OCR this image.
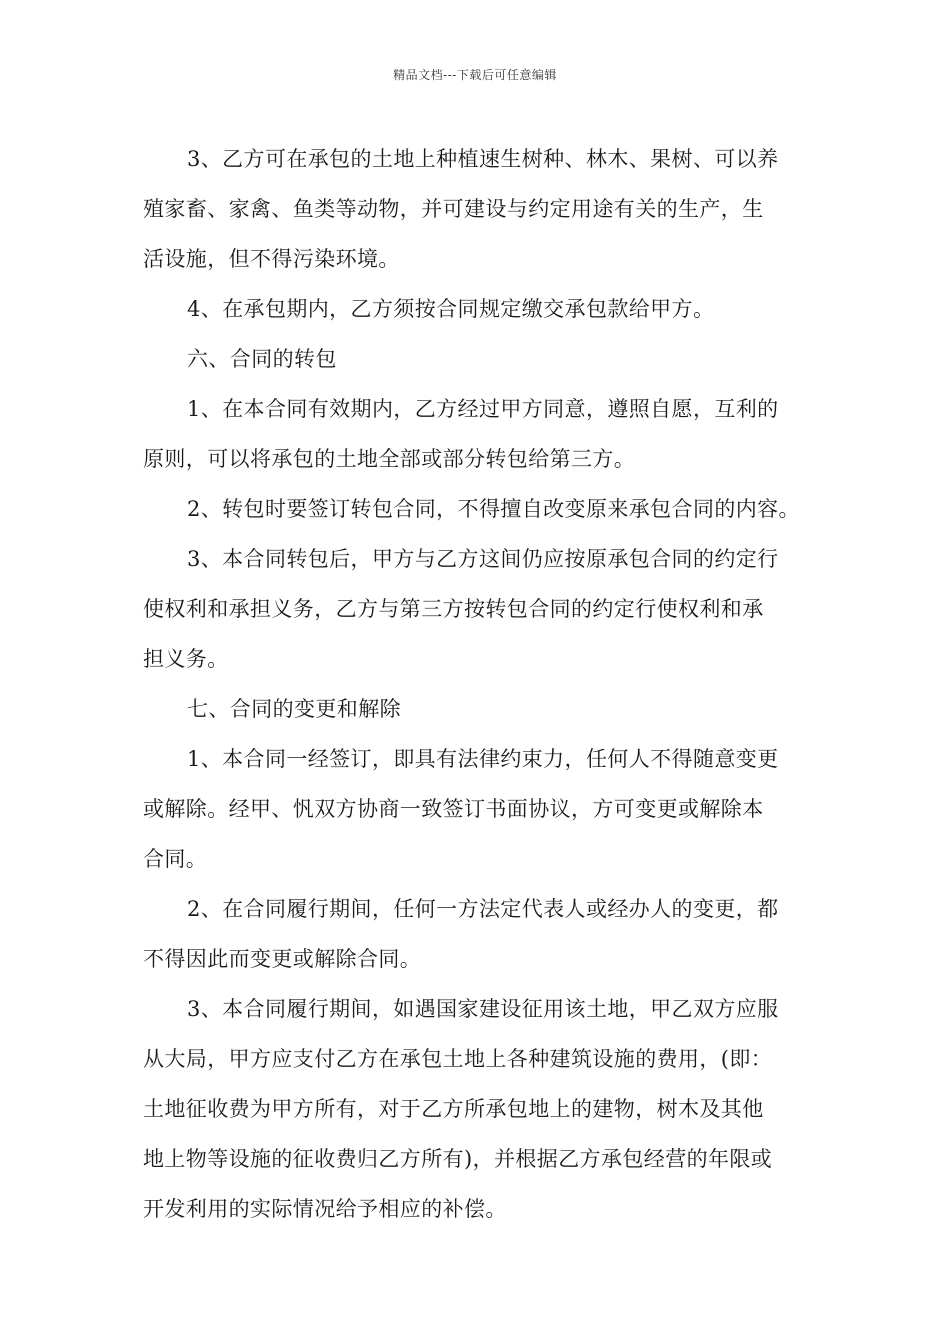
精品文档---下载后可任意编辑
3、乙方可在承包的土地上种植速生树种、林木、果树、可以养
殖家畜、家禽、鱼类等动物，并可建设与约定用途有关的生产，生
活设施，但不得污染环境。
4、在承包期内，乙方须按合同规定缴交承包款给甲方。
六、合同的转包
1、在本合同有效期内，乙方经过甲方同意，遵照自愿，互利的
原则，可以将承包的土地全部或部分转包给第三方。
2、转包时要签订转包合同，不得擅自改变原来承包合同的内容。
3、本合同转包后，甲方与乙方这间仍应按原承包合同的约定行
使权利和承担义务，乙方与第三方按转包合同的约定行使权利和承
担义务。
七、合同的变更和解除
1、本合同一经签订，即具有法律约束力，任何人不得随意变更
或解除。经甲、忛双方协商一致签订书面协议，方可变更或解除本
合同。
2、在合同履行期间，任何一方法定代表人或经办人的变更，都
不得因此而变更或解除合同。
3、本合同履行期间，如遇国家建设征用该土地，甲乙双方应服
从大局，甲方应支付乙方在承包土地上各种建筑设施的费用，(即：
土地征收费为甲方所有，对于乙方所承包地上的建物，树木及其他
地上物等设施的征收费归乙方所有)，并根据乙方承包经营的年限或
开发利用的实际情况给予相应的补偿。
